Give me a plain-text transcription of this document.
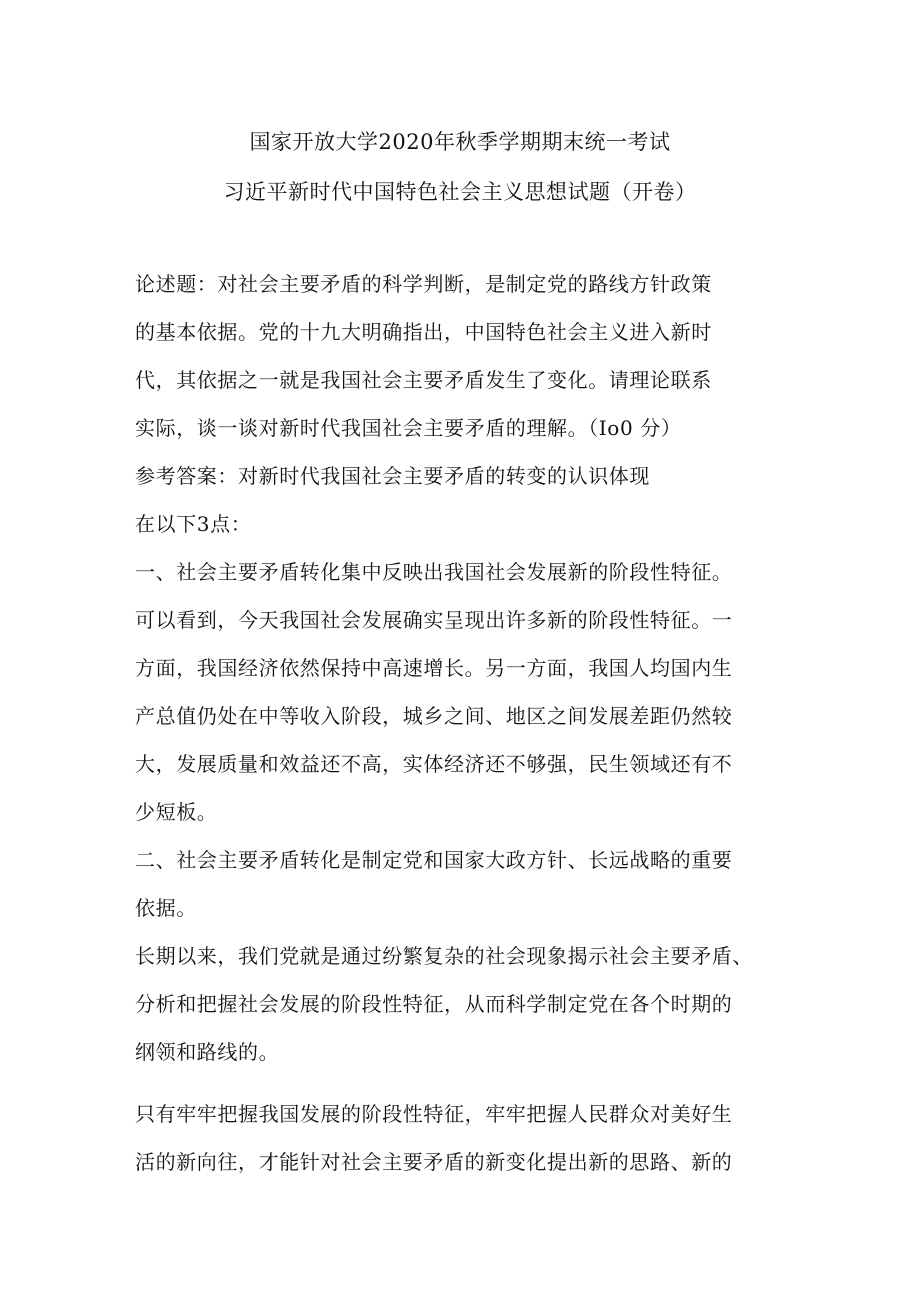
国家开放大学2020年秋季学期期末统一考试
习近平新时代中国特色社会主义思想试题（开卷）
论述题：对社会主要矛盾的科学判断，是制定党的路线方针政策
的基本依据。党的十九大明确指出，中国特色社会主义进入新时
代，其依据之一就是我国社会主要矛盾发生了变化。请理论联系
实际，谈一谈对新时代我国社会主要矛盾的理解。（Io0 分）
参考答案：对新时代我国社会主要矛盾的转变的认识体现
在以下3点：
一、社会主要矛盾转化集中反映出我国社会发展新的阶段性特征。
可以看到，今天我国社会发展确实呈现出许多新的阶段性特征。一
方面，我国经济依然保持中高速增长。另一方面，我国人均国内生
产总值仍处在中等收入阶段，城乡之间、地区之间发展差距仍然较
大，发展质量和效益还不高，实体经济还不够强，民生领域还有不
少短板。
二、社会主要矛盾转化是制定党和国家大政方针、长远战略的重要
依据。
长期以来，我们党就是通过纷繁复杂的社会现象揭示社会主要矛盾、
分析和把握社会发展的阶段性特征，从而科学制定党在各个时期的
纲领和路线的。
只有牢牢把握我国发展的阶段性特征，牢牢把握人民群众对美好生
活的新向往，才能针对社会主要矛盾的新变化提出新的思路、新的
